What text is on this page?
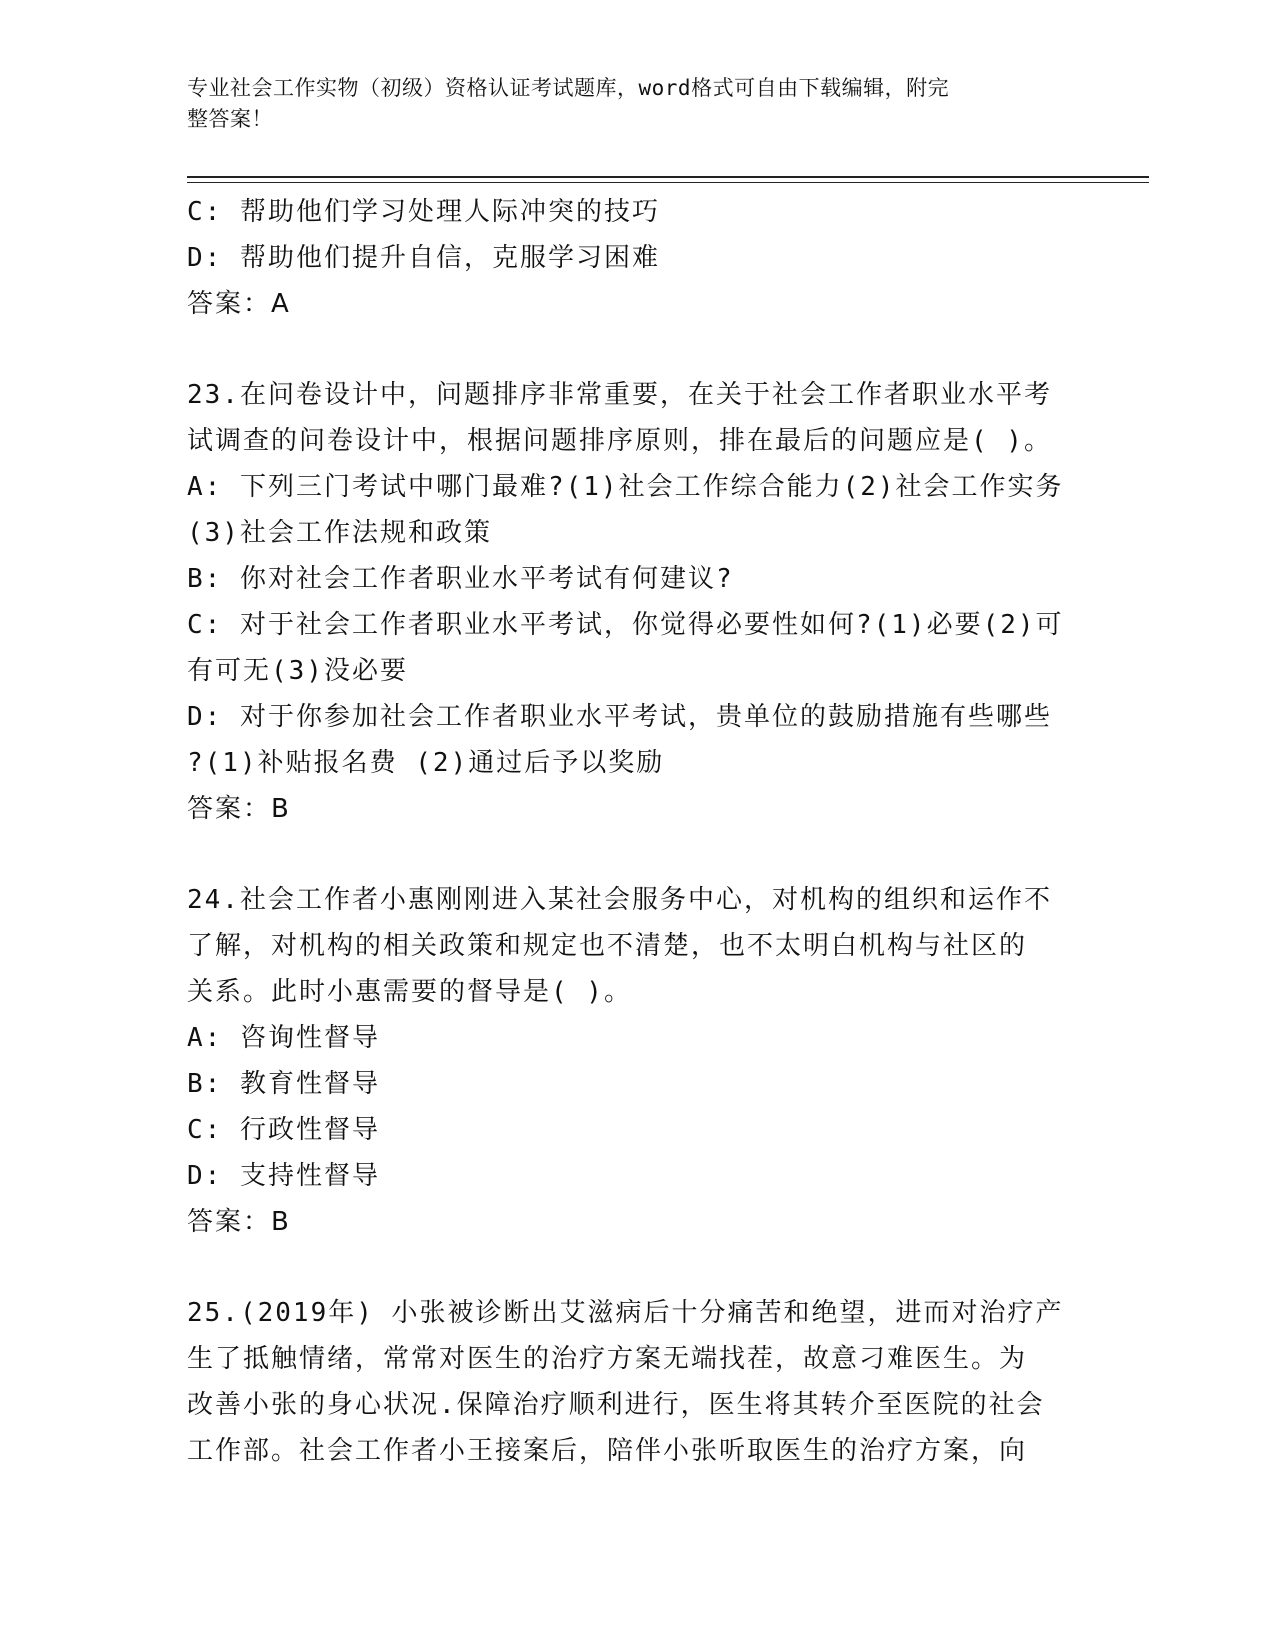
专业社会工作实物（初级）资格认证考试题库，word格式可自由下载编辑，附完
整答案！
C: 帮助他们学习处理人际冲突的技巧
D: 帮助他们提升自信，克服学习困难
答案：A
23.在问卷设计中，问题排序非常重要，在关于社会工作者职业水平考
试调查的问卷设计中，根据问题排序原则，排在最后的问题应是( )。
A: 下列三门考试中哪门最难?(1)社会工作综合能力(2)社会工作实务
(3)社会工作法规和政策
B: 你对社会工作者职业水平考试有何建议?
C: 对于社会工作者职业水平考试，你觉得必要性如何?(1)必要(2)可
有可无(3)没必要
D: 对于你参加社会工作者职业水平考试，贵单位的鼓励措施有些哪些
?(1)补贴报名费 (2)通过后予以奖励
答案：B
24.社会工作者小惠刚刚进入某社会服务中心，对机构的组织和运作不
了解，对机构的相关政策和规定也不清楚，也不太明白机构与社区的
关系。此时小惠需要的督导是( )。
A: 咨询性督导
B: 教育性督导
C: 行政性督导
D: 支持性督导
答案：B
25.(2019年) 小张被诊断出艾滋病后十分痛苦和绝望，进而对治疗产
生了抵触情绪，常常对医生的治疗方案无端找茬，故意刁难医生。为
改善小张的身心状况.保障治疗顺利进行，医生将其转介至医院的社会
工作部。社会工作者小王接案后，陪伴小张听取医生的治疗方案，向
